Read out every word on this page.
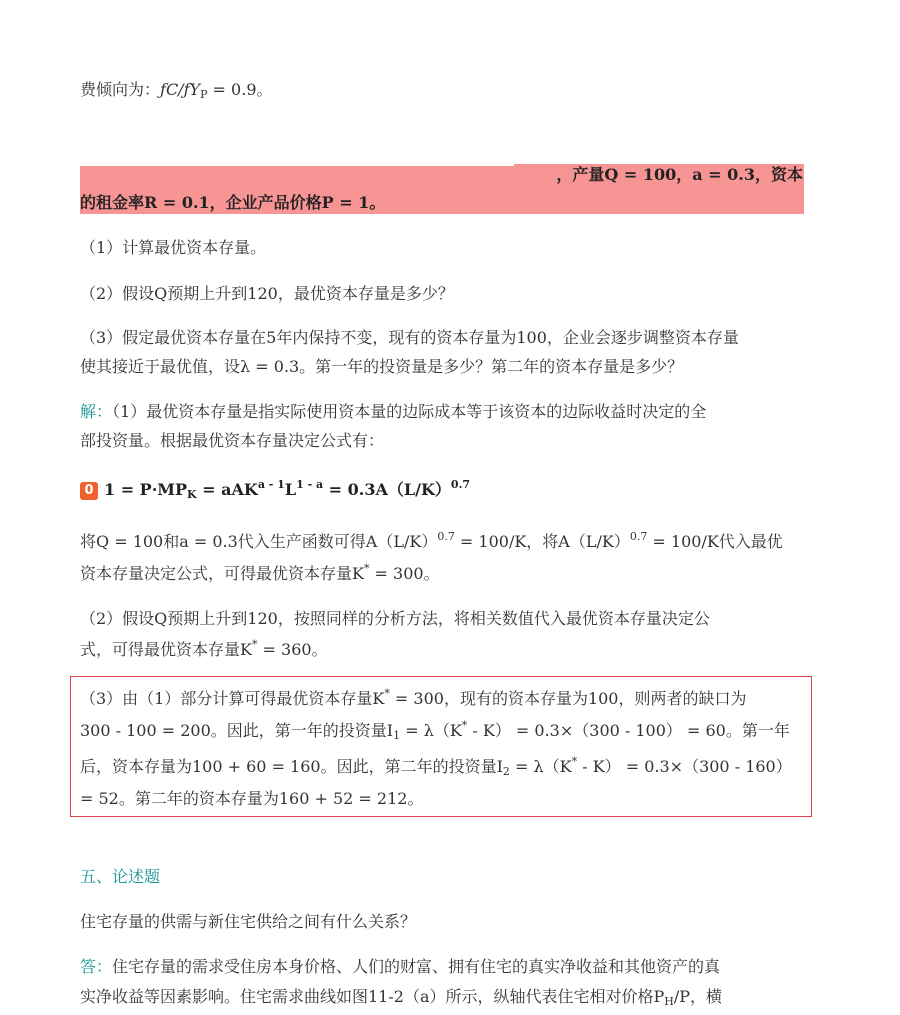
费倾向为：$ƒC/ƒY_P = 0.9$。
，产量Q = 100，a = 0.3，资本
的租金率R = 0.1，企业产品价格P = 1。
（1）计算最优资本存量。
（2）假设Q预期上升到120，最优资本存量是多少？
（3）假定最优资本存量在5年内保持不变，现有的资本存量为100，企业会逐步调整资本存量
使其接近于最优值，设λ = 0.3。第一年的投资量是多少？第二年的资本存量是多少？
解：（1）最优资本存量是指实际使用资本量的边际成本等于该资本的边际收益时决定的全
部投资量。根据最优资本存量决定公式有：
0 $1 = P\cdot MP_K = aAK^{a - 1}L^{1 - a} = 0.3A(L/K)^{0.7}$
将Q = 100和a = 0.3代入生产函数可得$A(L/K)^{0.7} = 100/K$，将$A(L/K)^{0.7} = 100/K$代入最优
资本存量决定公式，可得最优资本存量K* = 300。
（2）假设Q预期上升到120，按照同样的分析方法，将相关数值代入最优资本存量决定公
式，可得最优资本存量K* = 360。
（3）由（1）部分计算可得最优资本存量K* = 300，现有的资本存量为100，则两者的缺口为
300 - 100 = 200。因此，第一年的投资量$I_1 = \lambda(K^* - K) = 0.3\times(300 - 100) = 60$。第一年
后，资本存量为100 + 60 = 160。因此，第二年的投资量$I_2 = \lambda(K^* - K) = 0.3\times(300 - 160)$
= 52。第二年的资本存量为160 + 52 = 212。
五、论述题
住宅存量的供需与新住宅供给之间有什么关系？
答：住宅存量的需求受住房本身价格、人们的财富、拥有住宅的真实净收益和其他资产的真
实净收益等因素影响。住宅需求曲线如图11-2（a）所示，纵轴代表住宅相对价格$P_H/P$，横
